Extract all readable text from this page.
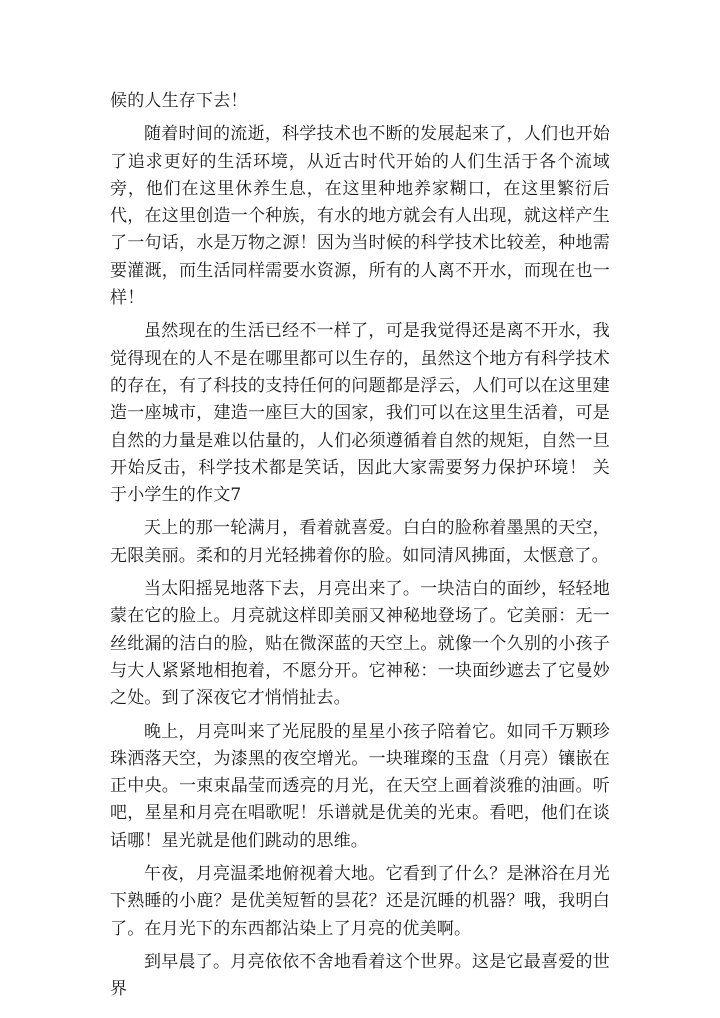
候的人生存下去！

随着时间的流逝，科学技术也不断的发展起来了，人们也开始了追求更好的生活环境，从近古时代开始的人们生活于各个流域旁，他们在这里休养生息，在这里种地养家糊口，在这里繁衍后代，在这里创造一个种族，有水的地方就会有人出现，就这样产生了一句话，水是万物之源！因为当时候的科学技术比较差，种地需要灌溉，而生活同样需要水资源，所有的人离不开水，而现在也一样！

虽然现在的生活已经不一样了，可是我觉得还是离不开水，我觉得现在的人不是在哪里都可以生存的，虽然这个地方有科学技术的存在，有了科技的支持任何的问题都是浮云，人们可以在这里建造一座城市，建造一座巨大的国家，我们可以在这里生活着，可是自然的力量是难以估量的，人们必须遵循着自然的规矩，自然一旦开始反击，科学技术都是笑话，因此大家需要努力保护环境！ 关于小学生的作文7

天上的那一轮满月，看着就喜爱。白白的脸称着墨黑的天空，无限美丽。柔和的月光轻拂着你的脸。如同清风拂面，太惬意了。

当太阳摇晃地落下去，月亮出来了。一块洁白的面纱，轻轻地蒙在它的脸上。月亮就这样即美丽又神秘地登场了。它美丽：无一丝纰漏的洁白的脸，贴在微深蓝的天空上。就像一个久别的小孩子与大人紧紧地相抱着，不愿分开。它神秘：一块面纱遮去了它曼妙之处。到了深夜它才悄悄扯去。

晚上，月亮叫来了光屁股的星星小孩子陪着它。如同千万颗珍珠洒落天空，为漆黑的夜空增光。一块璀璨的玉盘（月亮）镶嵌在正中央。一束束晶莹而透亮的月光，在天空上画着淡雅的油画。听吧，星星和月亮在唱歌呢！乐谱就是优美的光束。看吧，他们在谈话哪！星光就是他们跳动的思维。

午夜，月亮温柔地俯视着大地。它看到了什么？是淋浴在月光下熟睡的小鹿？是优美短暂的昙花？还是沉睡的机器？哦，我明白了。在月光下的东西都沾染上了月亮的优美啊。

到早晨了。月亮依依不舍地看着这个世界。这是它最喜爱的世界
